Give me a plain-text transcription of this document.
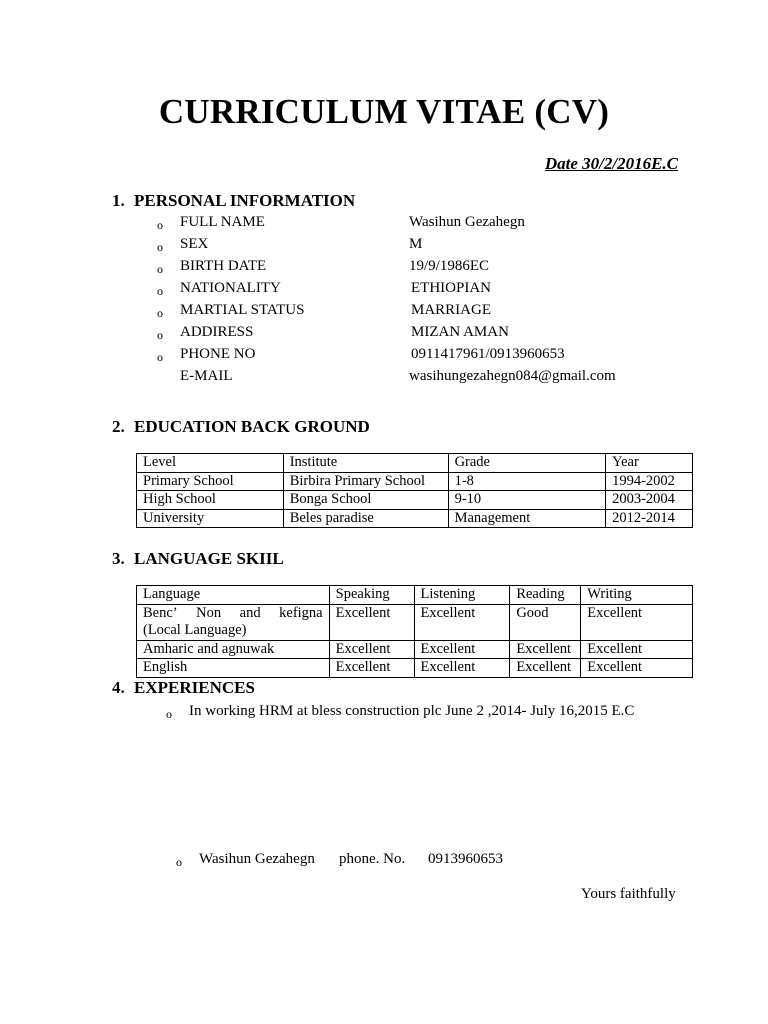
CURRICULUM VITAE (CV)
Date 30/2/2016E.C
1. PERSONAL INFORMATION
o FULL NAME	Wasihun Gezahegn
o SEX	M
o BIRTH DATE	19/9/1986EC
o NATIONALITY	ETHIOPIAN
o MARTIAL STATUS	MARRIAGE
o ADDIRESS	MIZAN AMAN
o PHONE NO	0911417961/0913960653
E-MAIL	wasihungezahegn084@gmail.com
2. EDUCATION BACK GROUND
Level	Institute	Grade	Year
Primary School	Birbira Primary School	1-8	1994-2002
High School	Bonga School	9-10	2003-2004
University	Beles paradise	Management	2012-2014
3. LANGUAGE SKIIL
Language	Speaking	Listening	Reading	Writing

Benc’ Non and kefigna
(Local Language)	Excellent	Excellent	Good	Excellent
Amharic and agnuwak	Excellent	Excellent	Excellent	Excellent
English	Excellent	Excellent	Excellent	Excellent
4. EXPERIENCES
o In working HRM at bless construction plc June 2 ,2014- July 16,2015 E.C
o Wasihun Gezahegn phone. No. 0913960653
Yours faithfully
